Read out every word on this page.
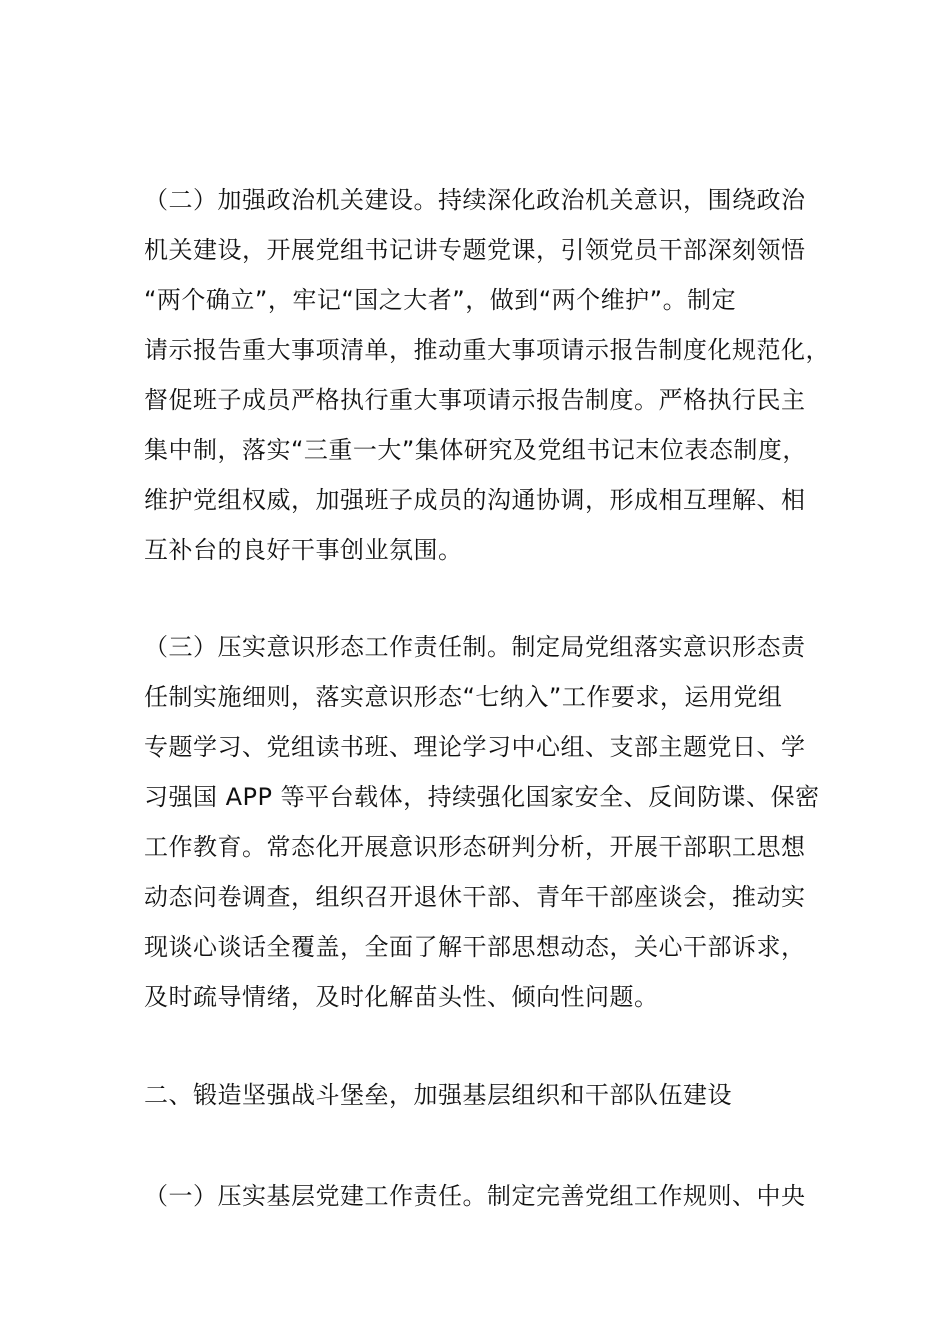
（二）加强政治机关建设。持续深化政治机关意识，围绕政治
机关建设，开展党组书记讲专题党课，引领党员干部深刻领悟
“两个确立”，牢记“国之大者”，做到“两个维护”。制定
请示报告重大事项清单，推动重大事项请示报告制度化规范化，
督促班子成员严格执行重大事项请示报告制度。严格执行民主
集中制，落实“三重一大”集体研究及党组书记末位表态制度，
维护党组权威，加强班子成员的沟通协调，形成相互理解、相
互补台的良好干事创业氛围。
（三）压实意识形态工作责任制。制定局党组落实意识形态责
任制实施细则，落实意识形态“七纳入”工作要求，运用党组
专题学习、党组读书班、理论学习中心组、支部主题党日、学
习强国 APP 等平台载体，持续强化国家安全、反间防谍、保密
工作教育。常态化开展意识形态研判分析，开展干部职工思想
动态问卷调查，组织召开退休干部、青年干部座谈会，推动实
现谈心谈话全覆盖，全面了解干部思想动态，关心干部诉求，
及时疏导情绪，及时化解苗头性、倾向性问题。
二、锻造坚强战斗堡垒，加强基层组织和干部队伍建设
（一）压实基层党建工作责任。制定完善党组工作规则、中央
